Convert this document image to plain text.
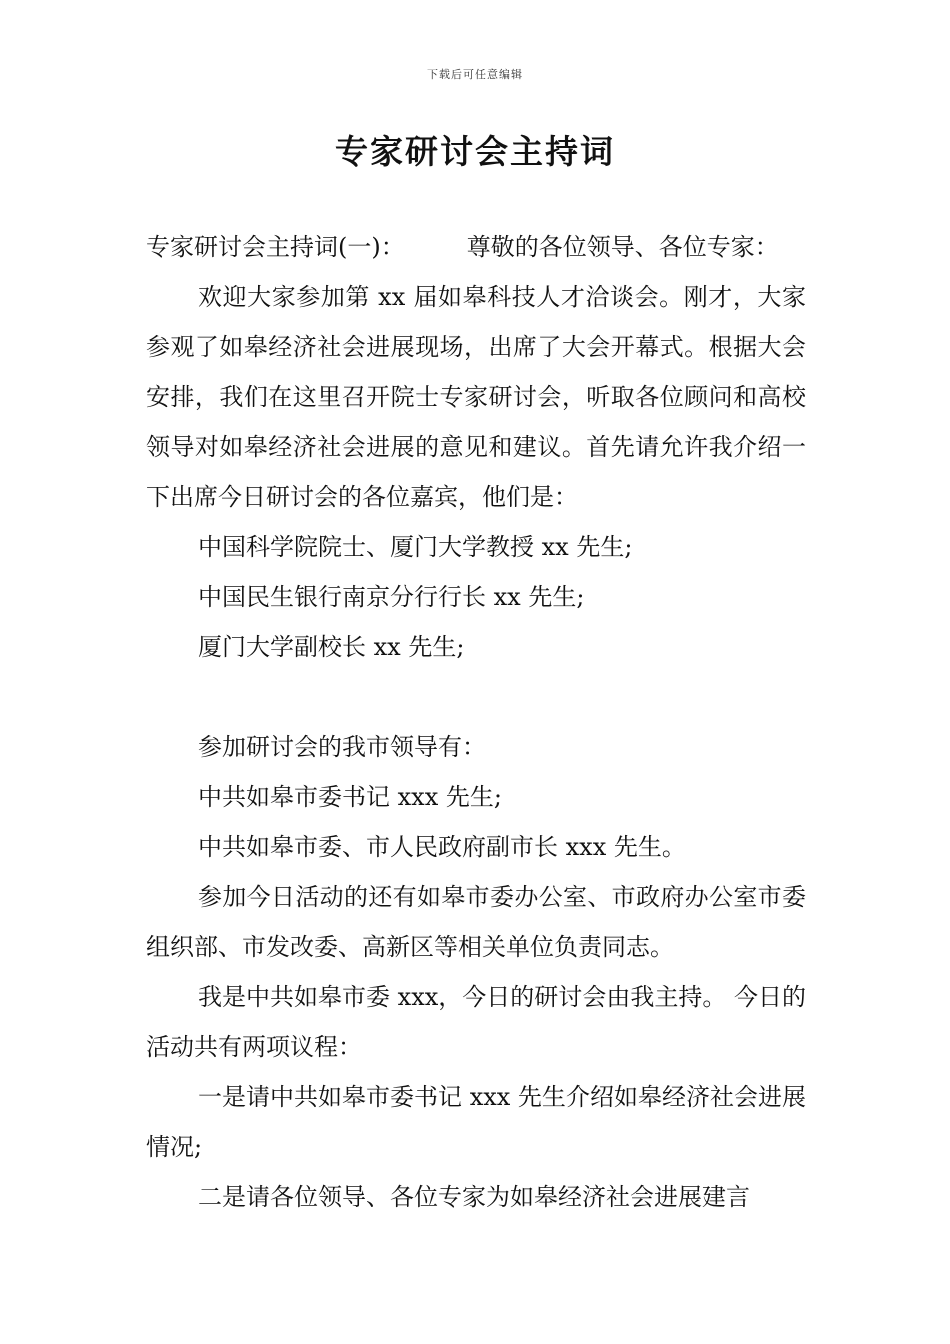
下载后可任意编辑
专家研讨会主持词

专家研讨会主持词(一)：	尊敬的各位领导、各位专家：

欢迎大家参加第 xx 届如皋科技人才洽谈会。刚才，大家参观了如皋经济社会进展现场，出席了大会开幕式。根据大会安排，我们在这里召开院士专家研讨会，听取各位顾问和高校领导对如皋经济社会进展的意见和建议。首先请允许我介绍一下出席今日研讨会的各位嘉宾，他们是：

中国科学院院士、厦门大学教授 xx 先生;

中国民生银行南京分行行长 xx 先生;

厦门大学副校长 xx 先生;

参加研讨会的我市领导有：

中共如皋市委书记 xxx 先生;

中共如皋市委、市人民政府副市长 xxx 先生。

参加今日活动的还有如皋市委办公室、市政府办公室市委组织部、市发改委、高新区等相关单位负责同志。

我是中共如皋市委 xxx，今日的研讨会由我主持。 今日的活动共有两项议程：

一是请中共如皋市委书记 xxx 先生介绍如皋经济社会进展情况;

二是请各位领导、各位专家为如皋经济社会进展建言
